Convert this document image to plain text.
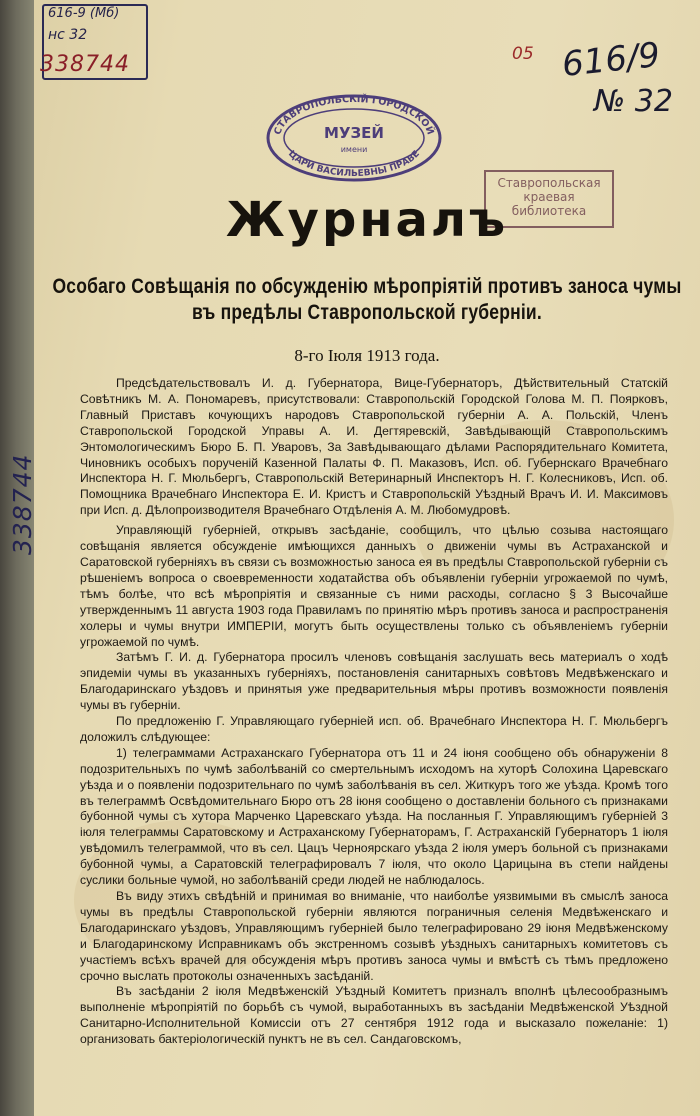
616-9 (Мб)
нс 32
338744	05 616/9
№ 32
338744
СТАВРОПОЛЬСКІЙ ГОРОДСКОЙ
ЦАРИ ВАСИЛЬЕВНЫ ПРАВЕ
МУЗЕЙ
имени
Ставропольская краевая библиотека
Журналъ
Особаго Совѣщанія по обсужденію мѣропріятій противъ заноса чумы
въ предѣлы Ставропольской губерніи.
8-го Іюля 1913 года.

Предсѣдательствовалъ И. д. Губернатора, Вице-Губернаторъ, Дѣйствительный Статскій Совѣтникъ М. А. Пономаревъ, присутствовали: Ставропольскій Городской Голова М. П. Поярковъ, Главный Приставъ кочующихъ народовъ Ставропольской губерніи А. А. Польскій, Членъ Ставропольской Городской Управы А. И. Дегтяревскій, Завѣдывающій Ставропольскимъ Энтомологическимъ Бюро Б. П. Уваровъ, За Завѣдывающаго дѣлами Распорядительнаго Комитета, Чиновникъ особыхъ порученій Казенной Палаты Ф. П. Маказовъ, Исп. об. Губернскаго Врачебнаго Инспектора Н. Г. Мюльбергъ, Ставропольскій Ветеринарный Инспекторъ Н. Г. Колесниковъ, Исп. об. Помощника Врачебнаго Инспектора Е. И. Кристъ и Ставропольскій Уѣздный Врачъ И. И. Максимовъ при Исп. д. Дѣлопроизводителя Врачебнаго Отдѣленія А. М. Любомудровѣ.

Управляющій губерніей, открывъ засѣданіе, сообщилъ, что цѣлью созыва настоящаго совѣщанія является обсужденіе имѣющихся данныхъ о движеніи чумы въ Астраханской и Саратовской губерніяхъ въ связи съ возможностью заноса ея въ предѣлы Ставропольской губерніи съ рѣшеніемъ вопроса о своевременности ходатайства объ объявленіи губерніи угрожаемой по чумѣ, тѣмъ болѣе, что всѣ мѣропріятія и связанные съ ними расходы, согласно § 3 Высочайше утвержденнымъ 11 августа 1903 года Правиламъ по принятію мѣръ противъ заноса и распространенія холеры и чумы внутри ИМПЕРІИ, могутъ быть осуществлены только съ объявленіемъ губерніи угрожаемой по чумѣ.

Затѣмъ Г. И. д. Губернатора просилъ членовъ совѣщанія заслушать весь материалъ о ходѣ эпидеміи чумы въ указанныхъ губерніяхъ, постановленія санитарныхъ совѣтовъ Медвѣженскаго и Благодаринскаго уѣздовъ и принятыя уже предварительныя мѣры противъ возможности появленія чумы въ губерніи.

По предложенію Г. Управляющаго губерніей исп. об. Врачебнаго Инспектора Н. Г. Мюльбергъ доложилъ слѣдующее:

1) телеграммами Астраханскаго Губернатора отъ 11 и 24 іюня сообщено объ обнаруженіи 8 подозрительныхъ по чумѣ заболѣваній со смертельнымъ исходомъ на хуторѣ Солохина Царевскаго уѣзда и о появленіи подозрительнаго по чумѣ заболѣванія въ сел. Житкуръ того же уѣзда. Кромѣ того въ телеграммѣ Освѣдомительнаго Бюро отъ 28 іюня сообщено о доставленіи больного съ признаками бубонной чумы съ хутора Марченко Царевскаго уѣзда. На посланныя Г. Управляющимъ губерніей 3 іюля телеграммы Саратовскому и Астраханскому Губернаторамъ, Г. Астраханскій Губернаторъ 1 іюля увѣдомилъ телеграммой, что въ сел. Цацъ Черноярскаго уѣзда 2 іюля умеръ больной съ признаками бубонной чумы, а Саратовскій телеграфировалъ 7 іюля, что около Царицына въ степи найдены суслики больные чумой, но заболѣваній среди людей не наблюдалось.

Въ виду этихъ свѣдѣній и принимая во вниманіе, что наиболѣе уязвимыми въ смыслѣ заноса чумы въ предѣлы Ставропольской губерніи являются пограничныя селенія Медвѣженскаго и Благодаринскаго уѣздовъ, Управляющимъ губерніей было телеграфировано 29 іюня Медвѣженскому и Благодаринскому Исправникамъ объ экстренномъ созывѣ уѣздныхъ санитарныхъ комитетовъ съ участіемъ всѣхъ врачей для обсужденія мѣръ противъ заноса чумы и вмѣстѣ съ тѣмъ предложено срочно выслать протоколы означенныхъ засѣданій.

Въ засѣданіи 2 іюля Медвѣженскій Уѣздный Комитетъ призналъ вполнѣ цѣлесообразнымъ выполненіе мѣропріятій по борьбѣ съ чумой, выработанныхъ въ засѣданіи Медвѣженской Уѣздной Санитарно-Исполнительной Комиссіи отъ 27 сентября 1912 года и высказало пожеланіе: 1) организовать бактеріологическій пунктъ не въ сел. Сандаговскомъ,
